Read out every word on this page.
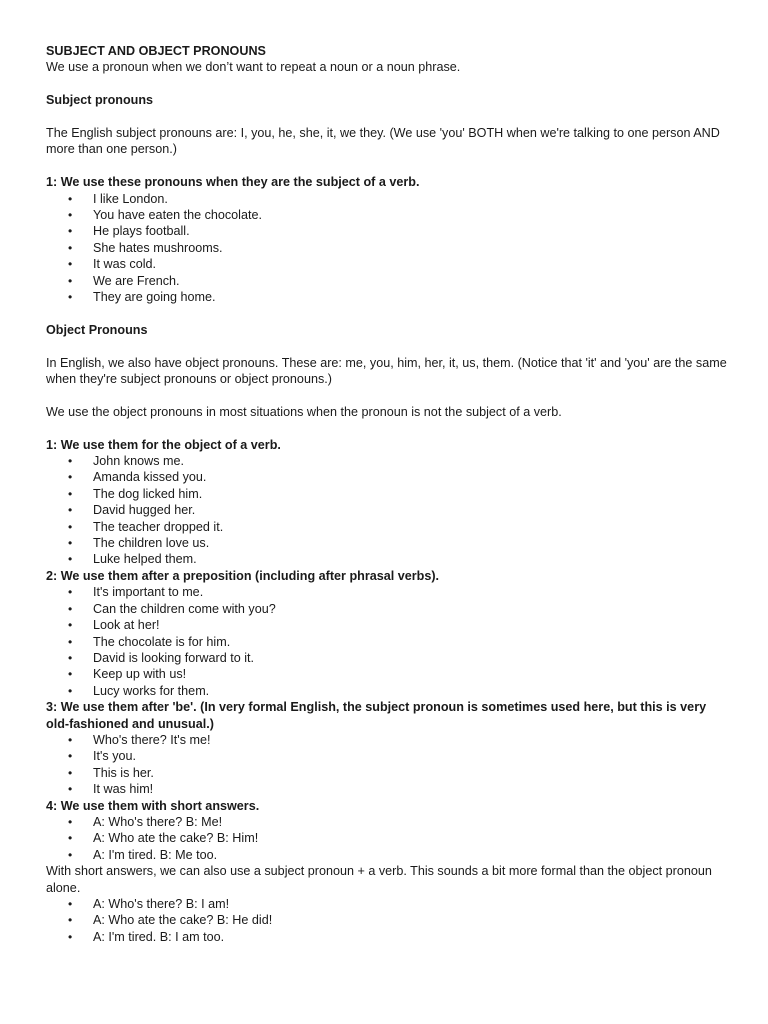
SUBJECT AND OBJECT PRONOUNS

We use a pronoun when we don’t want to repeat a noun or a noun phrase.

Subject pronouns

The English subject pronouns are: I, you, he, she, it, we they. (We use 'you' BOTH when we're talking to one person AND more than one person.)

1: We use these pronouns when they are the subject of a verb.

• I like London.
• You have eaten the chocolate.
• He plays football.
• She hates mushrooms.
• It was cold.
• We are French.
• They are going home.

Object Pronouns

In English, we also have object pronouns. These are: me, you, him, her, it, us, them. (Notice that 'it' and 'you' are the same when they're subject pronouns or object pronouns.)

We use the object pronouns in most situations when the pronoun is not the subject of a verb.

1: We use them for the object of a verb.

• John knows me.
• Amanda kissed you.
• The dog licked him.
• David hugged her.
• The teacher dropped it.
• The children love us.
• Luke helped them.

2: We use them after a preposition (including after phrasal verbs).

• It's important to me.
• Can the children come with you?
• Look at her!
• The chocolate is for him.
• David is looking forward to it.
• Keep up with us!
• Lucy works for them.

3: We use them after 'be'. (In very formal English, the subject pronoun is sometimes used here, but this is very old-fashioned and unusual.)

• Who's there? It's me!
• It's you.
• This is her.
• It was him!

4: We use them with short answers.

• A: Who's there? B: Me!
• A: Who ate the cake? B: Him!
• A: I'm tired. B: Me too.

With short answers, we can also use a subject pronoun + a verb. This sounds a bit more formal than the object pronoun alone.

• A: Who's there? B: I am!
• A: Who ate the cake? B: He did!
• A: I'm tired. B: I am too.
